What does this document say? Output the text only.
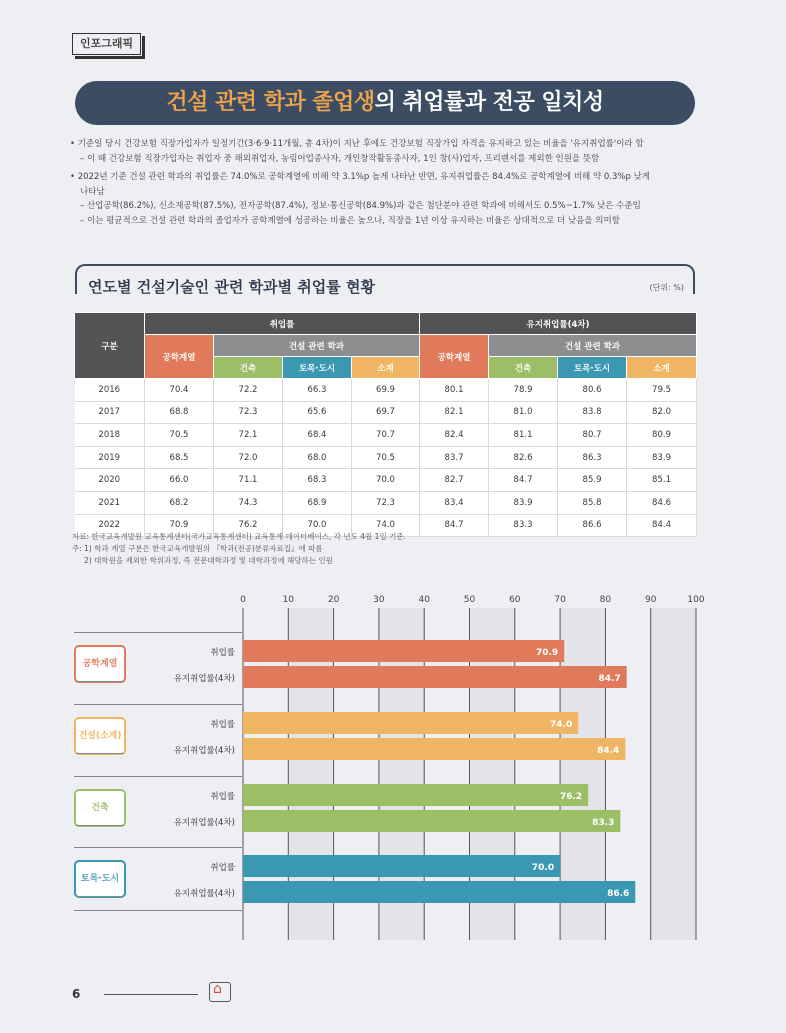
인포그래픽
건설 관련 학과 졸업생의 취업률과 전공 일치성

• 기준일 당시 건강보험 직장가입자가 일정기간(3·6·9·11개월, 총 4차)이 지난 후에도 건강보험 직장가입 자격을 유지하고 있는 비율을 '유지취업률'이라 함

– 이 때 건강보험 직장가입자는 취업자 중 해외취업자, 농림어업종사자, 개인창작활동종사자, 1인 창(사)업자, 프리랜서를 제외한 인원을 뜻함

• 2022년 기준 건설 관련 학과의 취업률은 74.0%로 공학계열에 비해 약 3.1%p 높게 나타난 반면, 유지취업률은 84.4%로 공학계열에 비해 약 0.3%p 낮게

나타남

– 산업공학(86.2%), 신소재공학(87.5%), 전자공학(87.4%), 정보·통신공학(84.9%)과 같은 첨단분야 관련 학과에 비해서도 0.5%~1.7% 낮은 수준임

– 이는 평균적으로 건설 관련 학과의 졸업자가 공학계열에 성공하는 비율은 높으나, 직장을 1년 이상 유지하는 비율은 상대적으로 더 낮음을 의미함

연도별 건설기술인 관련 학과별 취업률 현황	(단위: %)
구분	취업률				유지취업률(4차)			
	공학계열	건설 관련 학과			공학계열	건설 관련 학과		
		건축	토목·도시	소계		건축	토목·도시	소계
2016	70.4	72.2	66.3	69.9	80.1	78.9	80.6	79.5
2017	68.8	72.3	65.6	69.7	82.1	81.0	83.8	82.0
2018	70.5	72.1	68.4	70.7	82.4	81.1	80.7	80.9
2019	68.5	72.0	68.0	70.5	83.7	82.6	86.3	83.9
2020	66.0	71.1	68.3	70.0	82.7	84.7	85.9	85.1
2021	68.2	74.3	68.9	72.3	83.4	83.9	85.8	84.6
2022	70.9	76.2	70.0	74.0	84.7	83.3	86.6	84.4

자료: 한국교육개발원 교육통계센터(국가교육통계센터) 교육통계 데이터베이스, 각 년도 4월 1일 기준.

주: 1) 학과 계열 구분은 한국교육개발원의 『학과(전공)분류자료집』에 따름

2) 대학원을 제외한 학위과정, 즉 전문대학과정 및 대학과정에 해당하는 인원

0	10	20	30	40	50	60	70	80	90	100
70.9
취업률
84.7
유지취업률(4차)
74.0
취업률
84.4
유지취업률(4차)
76.2
취업률
83.3
유지취업률(4차)
70.0
취업률
86.6
유지취업률(4차)
공학계열
건설(소계)
건축
토목·도시
6
⌂
